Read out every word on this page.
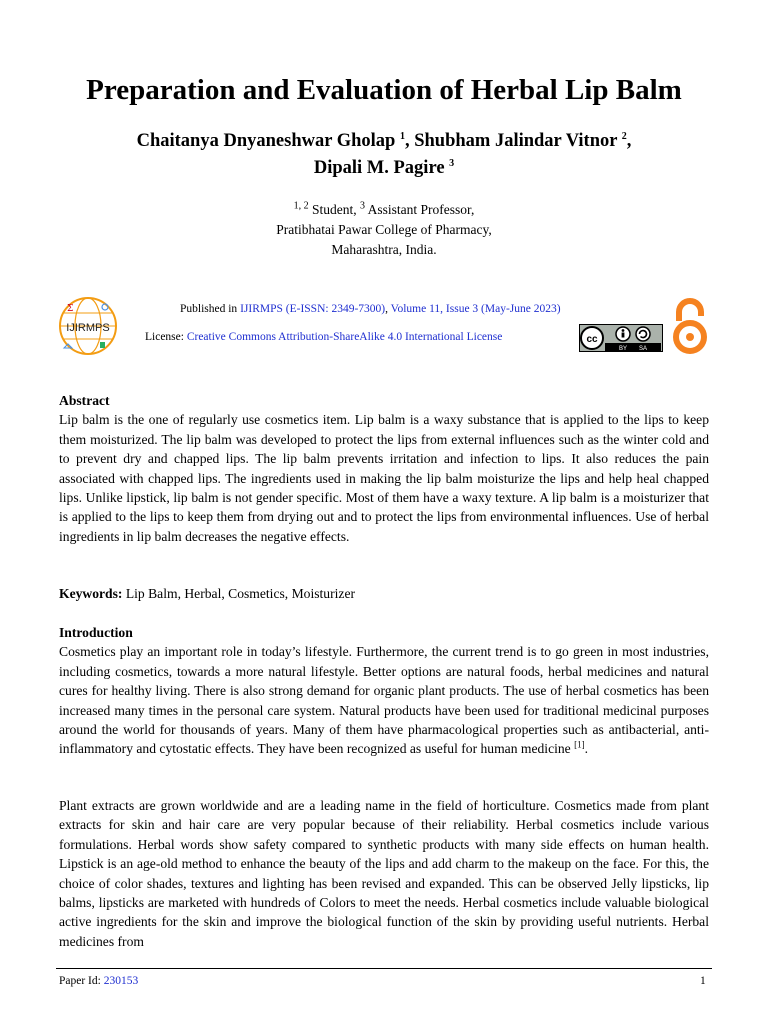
Preparation and Evaluation of Herbal Lip Balm
Chaitanya Dnyaneshwar Gholap $^1$, Shubham Jalindar Vitnor $^2$,
Dipali M. Pagire $^3$
$^{1, 2}$ Student, $^3$ Assistant Professor,
Pratibhatai Pawar College of Pharmacy,
Maharashtra, India.
Σ
IJIRMPS
Published in IJIRMPS (E-ISSN: 2349-7300), Volume 11, Issue 3 (May-June 2023)
License: Creative Commons Attribution-ShareAlike 4.0 International License	cc
BY SA

Abstract

Lip balm is the one of regularly use cosmetics item. Lip balm is a waxy substance that is applied to the lips to keep them moisturized. The lip balm was developed to protect the lips from external influences such as the winter cold and to prevent dry and chapped lips. The lip balm prevents irritation and infection to lips. It also reduces the pain associated with chapped lips. The ingredients used in making the lip balm moisturize the lips and help heal chapped lips. Unlike lipstick, lip balm is not gender specific. Most of them have a waxy texture. A lip balm is a moisturizer that is applied to the lips to keep them from drying out and to protect the lips from environmental influences. Use of herbal ingredients in lip balm decreases the negative effects.

Keywords: Lip Balm, Herbal, Cosmetics, Moisturizer

Introduction

Cosmetics play an important role in today’s lifestyle. Furthermore, the current trend is to go green in most industries, including cosmetics, towards a more natural lifestyle. Better options are natural foods, herbal medicines and natural cures for healthy living. There is also strong demand for organic plant products. The use of herbal cosmetics has been increased many times in the personal care system. Natural products have been used for traditional medicinal purposes around the world for thousands of years. Many of them have pharmacological properties such as antibacterial, anti-inflammatory and cytostatic effects. They have been recognized as useful for human medicine [1].

Plant extracts are grown worldwide and are a leading name in the field of horticulture. Cosmetics made from plant extracts for skin and hair care are very popular because of their reliability. Herbal cosmetics include various formulations. Herbal words show safety compared to synthetic products with many side effects on human health. Lipstick is an age-old method to enhance the beauty of the lips and add charm to the makeup on the face. For this, the choice of color shades, textures and lighting has been revised and expanded. This can be observed Jelly lipsticks, lip balms, lipsticks are marketed with hundreds of Colors to meet the needs. Herbal cosmetics include valuable biological active ingredients for the skin and improve the biological function of the skin by providing useful nutrients. Herbal medicines from

Paper Id: 230153	1
